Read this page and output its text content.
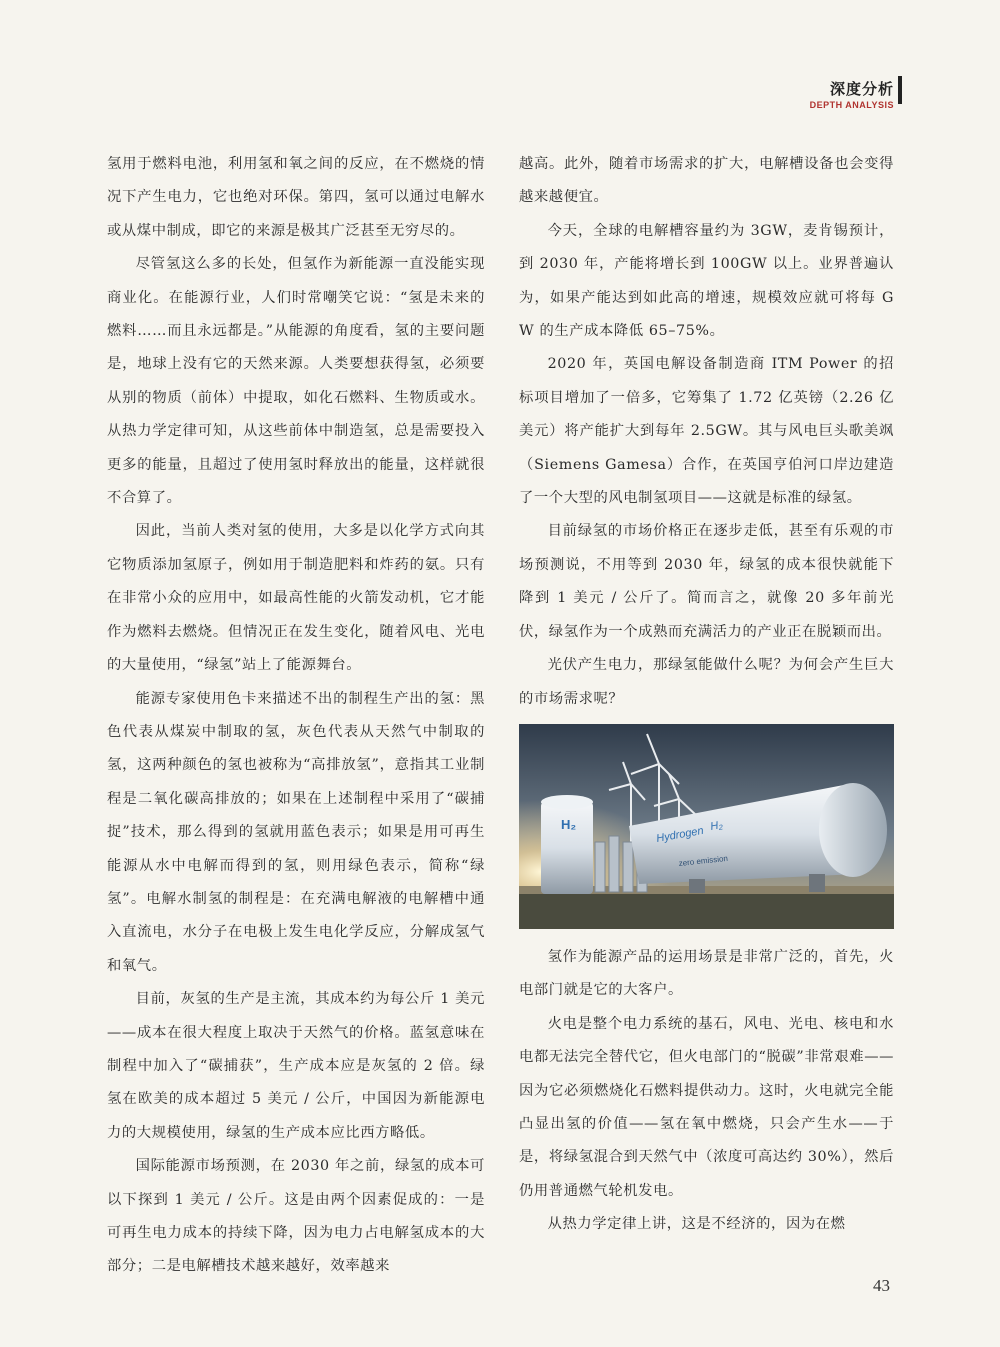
深度分析
DEPTH ANALYSIS

氢用于燃料电池，利用氢和氧之间的反应，在不燃烧的情况下产生电力，它也绝对环保。第四，氢可以通过电解水或从煤中制成，即它的来源是极其广泛甚至无穷尽的。

尽管氢这么多的长处，但氢作为新能源一直没能实现商业化。在能源行业，人们时常嘲笑它说：“氢是未来的燃料……而且永远都是。”从能源的角度看，氢的主要问题是，地球上没有它的天然来源。人类要想获得氢，必须要从别的物质（前体）中提取，如化石燃料、生物质或水。从热力学定律可知，从这些前体中制造氢，总是需要投入更多的能量，且超过了使用氢时释放出的能量，这样就很不合算了。

因此，当前人类对氢的使用，大多是以化学方式向其它物质添加氢原子，例如用于制造肥料和炸药的氨。只有在非常小众的应用中，如最高性能的火箭发动机，它才能作为燃料去燃烧。但情况正在发生变化，随着风电、光电的大量使用，“绿氢”站上了能源舞台。

能源专家使用色卡来描述不出的制程生产出的氢：黑色代表从煤炭中制取的氢，灰色代表从天然气中制取的氢，这两种颜色的氢也被称为“高排放氢”，意指其工业制程是二氧化碳高排放的；如果在上述制程中采用了“碳捕捉”技术，那么得到的氢就用蓝色表示；如果是用可再生能源从水中电解而得到的氢，则用绿色表示，简称“绿氢”。电解水制氢的制程是：在充满电解液的电解槽中通入直流电，水分子在电极上发生电化学反应，分解成氢气和氧气。

目前，灰氢的生产是主流，其成本约为每公斤 1 美元——成本在很大程度上取决于天然气的价格。蓝氢意味在制程中加入了“碳捕获”，生产成本应是灰氢的 2 倍。绿氢在欧美的成本超过 5 美元 / 公斤，中国因为新能源电力的大规模使用，绿氢的生产成本应比西方略低。

国际能源市场预测，在 2030 年之前，绿氢的成本可以下探到 1 美元 / 公斤。这是由两个因素促成的：一是可再生电力成本的持续下降，因为电力占电解氢成本的大部分；二是电解槽技术越来越好，效率越来

越高。此外，随着市场需求的扩大，电解槽设备也会变得越来越便宜。

今天，全球的电解槽容量约为 3GW，麦肯锡预计，到 2030 年，产能将增长到 100GW 以上。业界普遍认为，如果产能达到如此高的增速，规模效应就可将每 GW 的生产成本降低 65–75%。

2020 年，英国电解设备制造商 ITM Power 的招标项目增加了一倍多，它筹集了 1.72 亿英镑（2.26 亿美元）将产能扩大到每年 2.5GW。其与风电巨头歌美飒（Siemens Gamesa）合作，在英国亨伯河口岸边建造了一个大型的风电制氢项目——这就是标准的绿氢。

目前绿氢的市场价格正在逐步走低，甚至有乐观的市场预测说，不用等到 2030 年，绿氢的成本很快就能下降到 1 美元 / 公斤了。简而言之，就像 20 多年前光伏，绿氢作为一个成熟而充满活力的产业正在脱颖而出。

光伏产生电力，那绿氢能做什么呢？为何会产生巨大的市场需求呢？

H₂
Hydrogen H₂
zero emission

氢作为能源产品的运用场景是非常广泛的，首先，火电部门就是它的大客户。

火电是整个电力系统的基石，风电、光电、核电和水电都无法完全替代它，但火电部门的“脱碳”非常艰难——因为它必须燃烧化石燃料提供动力。这时，火电就完全能凸显出氢的价值——氢在氧中燃烧，只会产生水——于是，将绿氢混合到天然气中（浓度可高达约 30%），然后仍用普通燃气轮机发电。

从热力学定律上讲，这是不经济的，因为在燃

43
